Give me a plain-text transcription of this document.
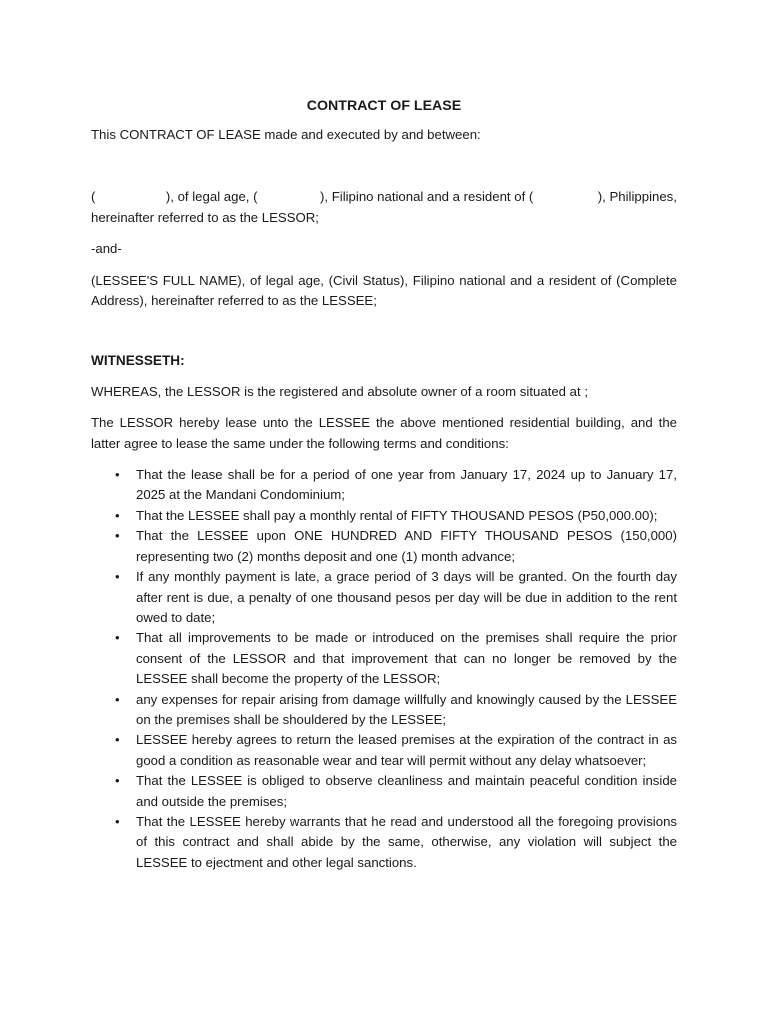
CONTRACT OF LEASE

This CONTRACT OF LEASE made and executed by and between:

(	), of legal age, (	), Filipino national and a resident of (	), Philippines,

hereinafter referred to as the LESSOR;

-and-

(LESSEE'S FULL NAME), of legal age, (Civil Status), Filipino national and a resident of (Complete Address), hereinafter referred to as the LESSEE;

WITNESSETH:

WHEREAS, the LESSOR is the registered and absolute owner of a room situated at ;

The LESSOR hereby lease unto the LESSEE the above mentioned residential building, and the latter agree to lease the same under the following terms and conditions:

• That the lease shall be for a period of one year from January 17, 2024 up to January 17, 2025 at the Mandani Condominium;
• That the LESSEE shall pay a monthly rental of FIFTY THOUSAND PESOS (P50,000.00);
• That the LESSEE upon ONE HUNDRED AND FIFTY THOUSAND PESOS (150,000) representing two (2) months deposit and one (1) month advance;
• If any monthly payment is late, a grace period of 3 days will be granted. On the fourth day after rent is due, a penalty of one thousand pesos per day will be due in addition to the rent owed to date;
• That all improvements to be made or introduced on the premises shall require the prior consent of the LESSOR and that improvement that can no longer be removed by the LESSEE shall become the property of the LESSOR;
• any expenses for repair arising from damage willfully and knowingly caused by the LESSEE on the premises shall be shouldered by the LESSEE;
• LESSEE hereby agrees to return the leased premises at the expiration of the contract in as good a condition as reasonable wear and tear will permit without any delay whatsoever;
• That the LESSEE is obliged to observe cleanliness and maintain peaceful condition inside and outside the premises;
• That the LESSEE hereby warrants that he read and understood all the foregoing provisions of this contract and shall abide by the same, otherwise, any violation will subject the LESSEE to ejectment and other legal sanctions.
